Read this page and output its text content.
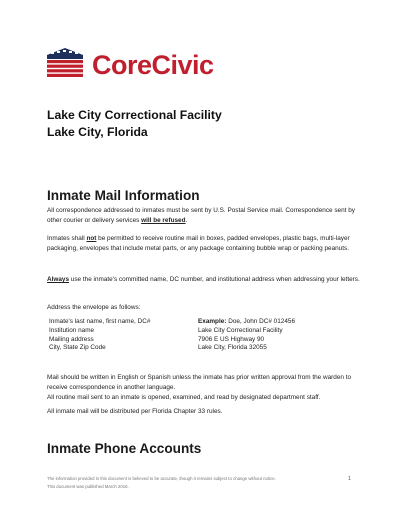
CoreCivic
Lake City Correctional Facility
Lake City, Florida
Inmate Mail Information

All correspondence addressed to inmates must be sent by U.S. Postal Service mail. Correspondence sent by other courier or delivery services will be refused.

Inmates shall not be permitted to receive routine mail in boxes, padded envelopes, plastic bags, multi-layer packaging, envelopes that include metal parts, or any package containing bubble wrap or packing peanuts.

Always use the inmate's committed name, DC number, and institutional address when addressing your letters.

Address the envelope as follows:

Inmate's last name, first name, DC#
Institution name
Mailing address
City, State Zip Code
Example: Doe, John DC# 012456
Lake City Correctional Facility
7906 E US Highway 90
Lake City, Florida 32055

Mail should be written in English or Spanish unless the inmate has prior written approval from the warden to receive correspondence in another language.

All routine mail sent to an inmate is opened, examined, and read by designated department staff.

All inmate mail will be distributed per Florida Chapter 33 rules.

Inmate Phone Accounts
The information provided in this document is believed to be accurate, though it remains subject to change without notice.
This document was published March 2016.
1
